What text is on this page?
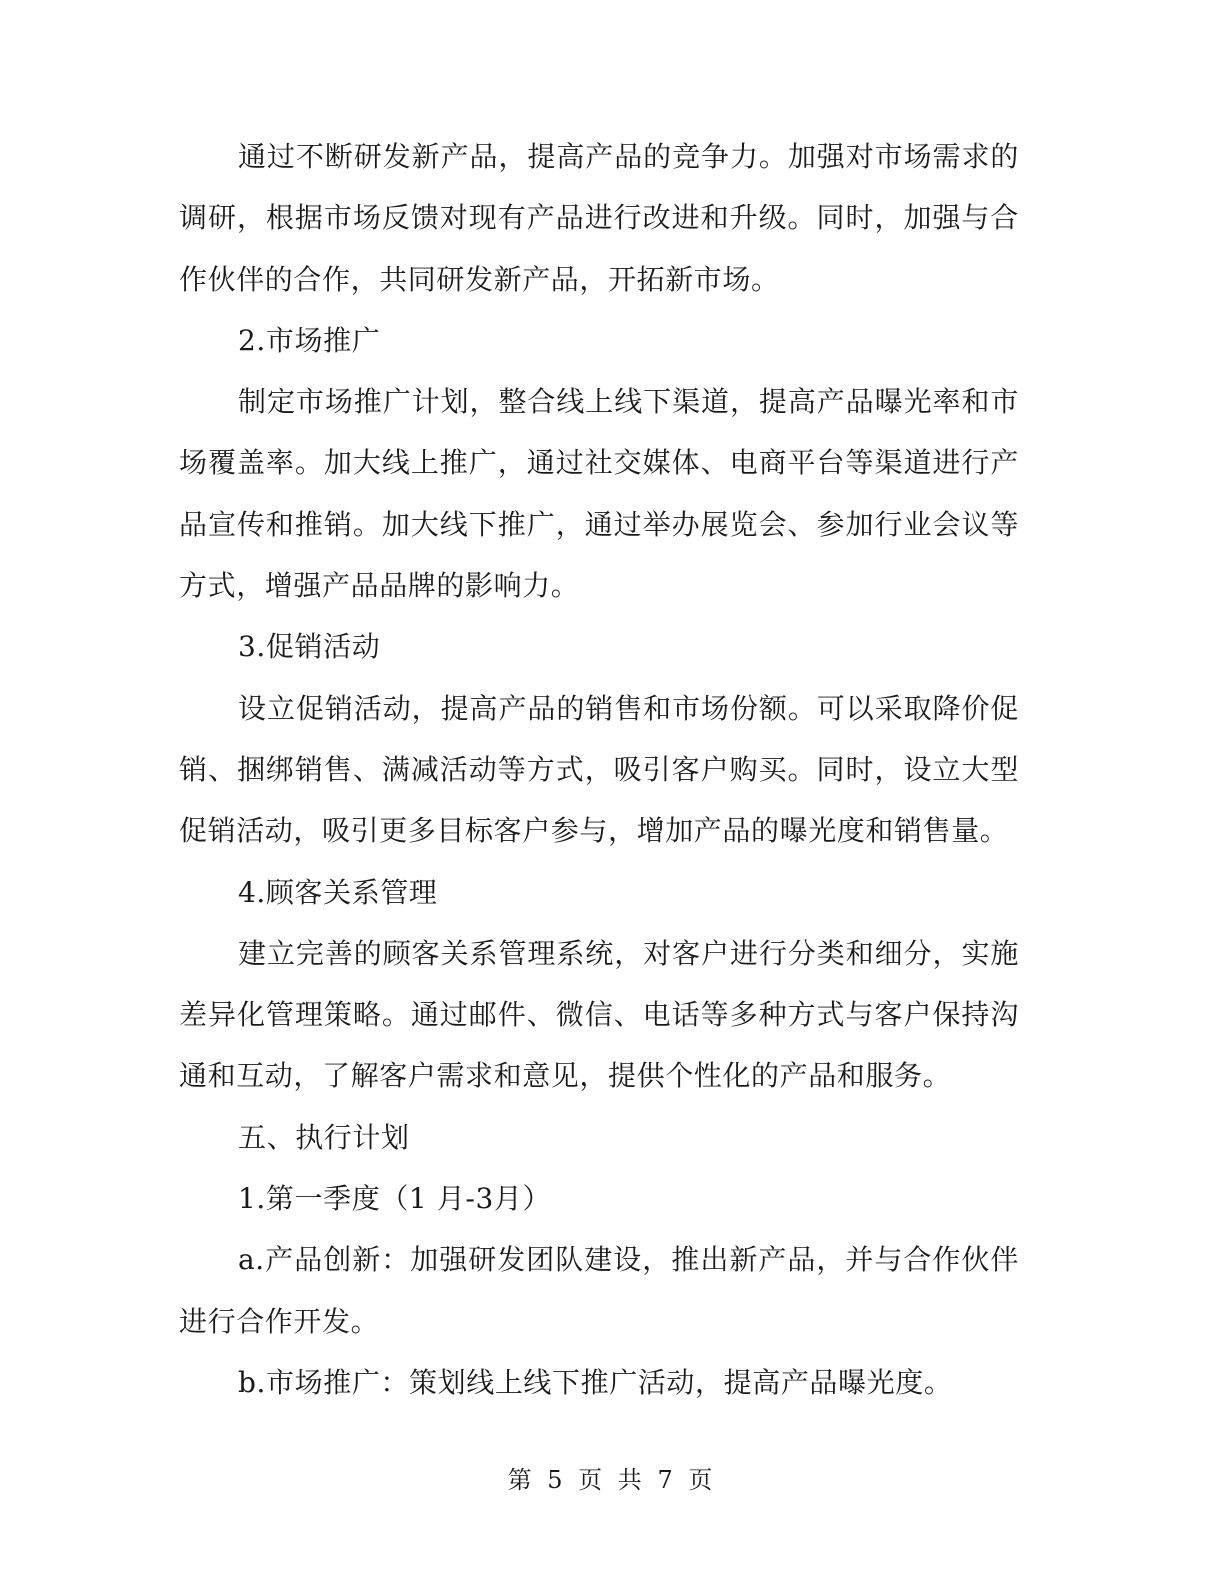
通过不断研发新产品，提高产品的竞争力。加强对市场需求的调研，根据市场反馈对现有产品进行改进和升级。同时，加强与合作伙伴的合作，共同研发新产品，开拓新市场。

2.市场推广

制定市场推广计划，整合线上线下渠道，提高产品曝光率和市场覆盖率。加大线上推广，通过社交媒体、电商平台等渠道进行产品宣传和推销。加大线下推广，通过举办展览会、参加行业会议等方式，增强产品品牌的影响力。

3.促销活动

设立促销活动，提高产品的销售和市场份额。可以采取降价促销、捆绑销售、满减活动等方式，吸引客户购买。同时，设立大型促销活动，吸引更多目标客户参与，增加产品的曝光度和销售量。

4.顾客关系管理

建立完善的顾客关系管理系统，对客户进行分类和细分，实施差异化管理策略。通过邮件、微信、电话等多种方式与客户保持沟通和互动，了解客户需求和意见，提供个性化的产品和服务。

五、执行计划

1.第一季度（1 月-3月）

a.产品创新：加强研发团队建设，推出新产品，并与合作伙伴进行合作开发。

b.市场推广：策划线上线下推广活动，提高产品曝光度。

第 5 页 共 7 页
